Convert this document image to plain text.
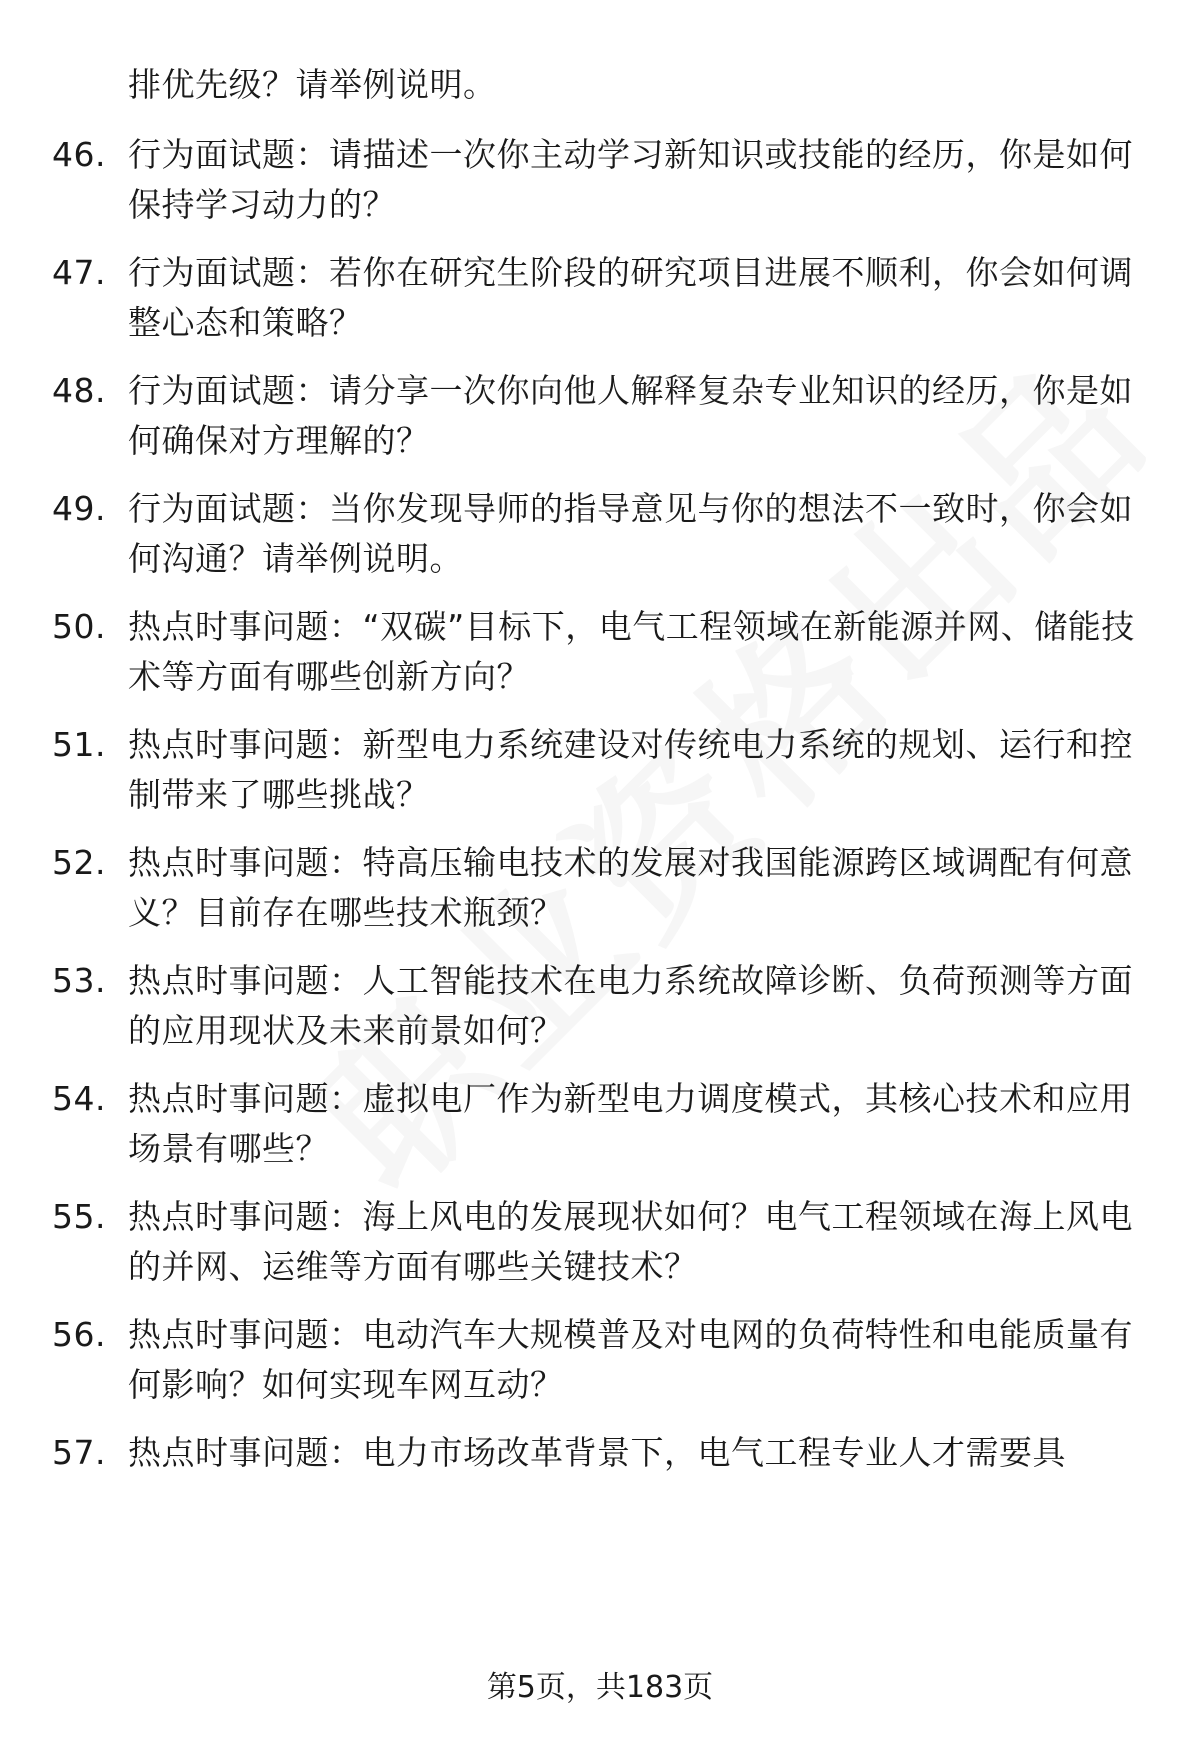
排优先级？请举例说明。
46. 行为面试题：请描述一次你主动学习新知识或技能的经历，你是如何保持学习动力的？
47. 行为面试题：若你在研究生阶段的研究项目进展不顺利，你会如何调整心态和策略？
48. 行为面试题：请分享一次你向他人解释复杂专业知识的经历，你是如何确保对方理解的？
49. 行为面试题：当你发现导师的指导意见与你的想法不一致时，你会如何沟通？请举例说明。
50. 热点时事问题：“双碳”目标下，电气工程领域在新能源并网、储能技术等方面有哪些创新方向？
51. 热点时事问题：新型电力系统建设对传统电力系统的规划、运行和控制带来了哪些挑战？
52. 热点时事问题：特高压输电技术的发展对我国能源跨区域调配有何意义？目前存在哪些技术瓶颈？
53. 热点时事问题：人工智能技术在电力系统故障诊断、负荷预测等方面的应用现状及未来前景如何？
54. 热点时事问题：虚拟电厂作为新型电力调度模式，其核心技术和应用场景有哪些？
55. 热点时事问题：海上风电的发展现状如何？电气工程领域在海上风电的并网、运维等方面有哪些关键技术？
56. 热点时事问题：电动汽车大规模普及对电网的负荷特性和电能质量有何影响？如何实现车网互动？
57. 热点时事问题：电力市场改革背景下，电气工程专业人才需要具
第5页，共183页
